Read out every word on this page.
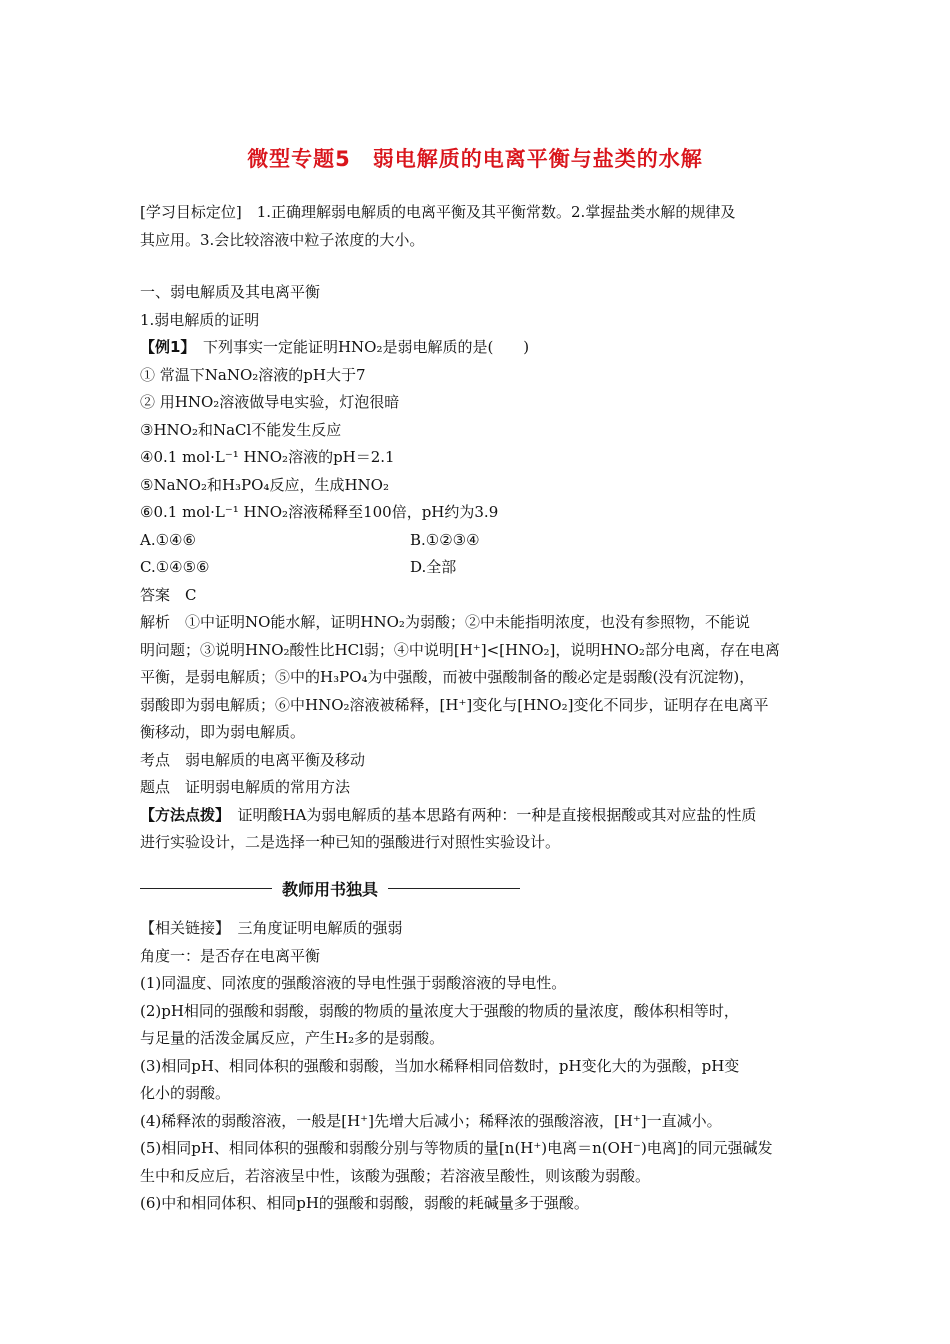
微型专题5　弱电解质的电离平衡与盐类的水解
[学习目标定位]　1.正确理解弱电解质的电离平衡及其平衡常数。2.掌握盐类水解的规律及
其应用。3.会比较溶液中粒子浓度的大小。
一、弱电解质及其电离平衡
1.弱电解质的证明
【例1】　下列事实一定能证明HNO₂是弱电解质的是(　　)
① 常温下NaNO₂溶液的pH大于7
② 用HNO₂溶液做导电实验，灯泡很暗
③HNO₂和NaCl不能发生反应
④0.1 mol·L⁻¹ HNO₂溶液的pH＝2.1
⑤NaNO₂和H₃PO₄反应，生成HNO₂
⑥0.1 mol·L⁻¹ HNO₂溶液稀释至100倍，pH约为3.9
A.①④⑥	B.①②③④
C.①④⑤⑥	D.全部
答案　C
解析　①中证明NO能水解，证明HNO₂为弱酸；②中未能指明浓度，也没有参照物，不能说
明问题；③说明HNO₂酸性比HCl弱；④中说明[H⁺]<[HNO₂]，说明HNO₂部分电离，存在电离
平衡，是弱电解质；⑤中的H₃PO₄为中强酸，而被中强酸制备的酸必定是弱酸(没有沉淀物)，
弱酸即为弱电解质；⑥中HNO₂溶液被稀释，[H⁺]变化与[HNO₂]变化不同步，证明存在电离平
衡移动，即为弱电解质。
考点　弱电解质的电离平衡及移动
题点　证明弱电解质的常用方法
【方法点拨】　证明酸HA为弱电解质的基本思路有两种：一种是直接根据酸或其对应盐的性质
进行实验设计，二是选择一种已知的强酸进行对照性实验设计。
教师用书独具
【相关链接】　三角度证明电解质的强弱
角度一：是否存在电离平衡
(1)同温度、同浓度的强酸溶液的导电性强于弱酸溶液的导电性。
(2)pH相同的强酸和弱酸，弱酸的物质的量浓度大于强酸的物质的量浓度，酸体积相等时，
与足量的活泼金属反应，产生H₂多的是弱酸。
(3)相同pH、相同体积的强酸和弱酸，当加水稀释相同倍数时，pH变化大的为强酸，pH变
化小的弱酸。
(4)稀释浓的弱酸溶液，一般是[H⁺]先增大后减小；稀释浓的强酸溶液，[H⁺]一直减小。
(5)相同pH、相同体积的强酸和弱酸分别与等物质的量[n(H⁺)电离＝n(OH⁻)电离]的同元强碱发
生中和反应后，若溶液呈中性，该酸为强酸；若溶液呈酸性，则该酸为弱酸。
(6)中和相同体积、相同pH的强酸和弱酸，弱酸的耗碱量多于强酸。
